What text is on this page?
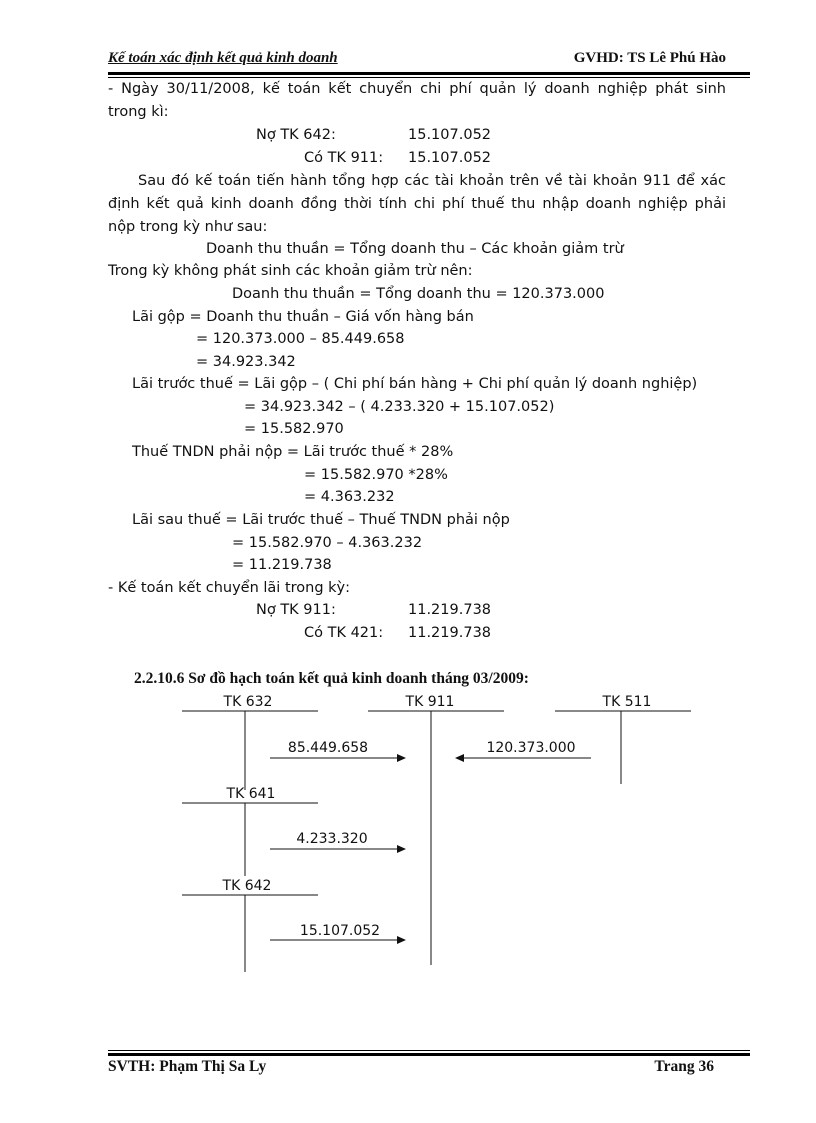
Kế toán xác định kết quả kinh doanh	GVHD: TS Lê Phú Hào
- Ngày 30/11/2008, kế toán kết chuyển chi phí quản lý doanh nghiệp phát sinh
trong kì:
Nợ TK 642:	15.107.052
Có TK 911: 15.107.052
Sau đó kế toán tiến hành tổng hợp các tài khoản trên về tài khoản 911 để xác
định kết quả kinh doanh đồng thời tính chi phí thuế thu nhập doanh nghiệp phải
nộp trong kỳ như sau:
Doanh thu thuần = Tổng doanh thu – Các khoản giảm trừ
Trong kỳ không phát sinh các khoản giảm trừ nên:
Doanh thu thuần = Tổng doanh thu = 120.373.000
Lãi gộp = Doanh thu thuần – Giá vốn hàng bán
= 120.373.000 – 85.449.658
= 34.923.342
Lãi trước thuế = Lãi gộp – ( Chi phí bán hàng + Chi phí quản lý doanh nghiệp)
= 34.923.342 – ( 4.233.320 + 15.107.052)
= 15.582.970
Thuế TNDN phải nộp = Lãi trước thuế * 28%
= 15.582.970 *28%
= 4.363.232
Lãi sau thuế = Lãi trước thuế – Thuế TNDN phải nộp
= 15.582.970 – 4.363.232
= 11.219.738
- Kế toán kết chuyển lãi trong kỳ:
Nợ TK 911:	11.219.738
Có TK 421: 11.219.738
2.2.10.6 Sơ đồ hạch toán kết quả kinh doanh tháng 03/2009:
TK 632	TK 911	TK 511
85.449.658	120.373.000
TK 641
4.233.320
TK 642
15.107.052
SVTH: Phạm Thị Sa Ly	Trang 36
